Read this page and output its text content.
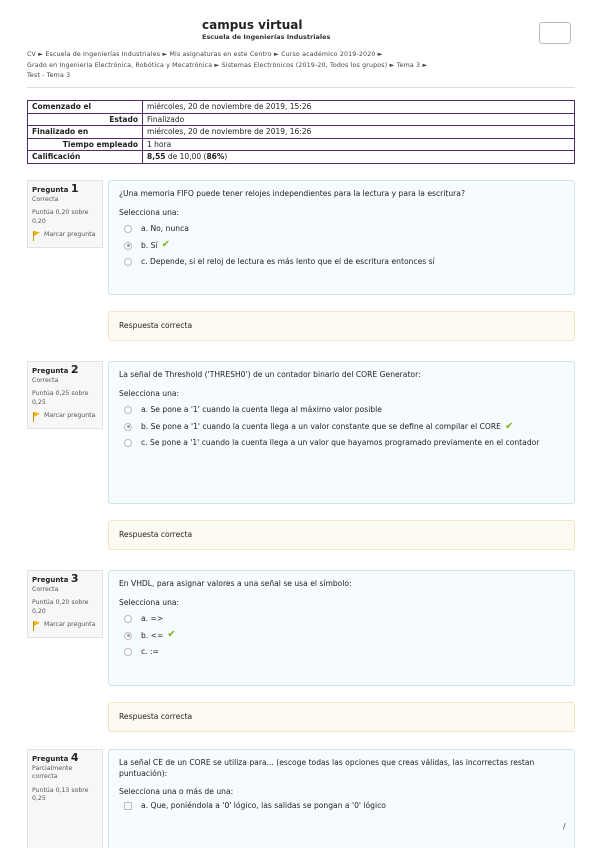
campus virtual
Escuela de Ingenierías Industriales
CV ► Escuela de Ingenierías Industriales ► Mis asignaturas en este Centro ► Curso académico 2019-2020 ►
Grado en Ingeniería Electrónica, Robótica y Mecatrónica ► Sistemas Electrónicos (2019-20, Todos los grupos) ► Tema 3 ►
Test - Tema 3
Comenzado el	miércoles, 20 de noviembre de 2019, 15:26
Estado	Finalizado
Finalizado en	miércoles, 20 de noviembre de 2019, 16:26
Tiempo empleado	1 hora
Calificación	8,55 de 10,00 (86%)
Pregunta 1
Correcta
Puntúa 0,20 sobre 0,20
Marcar pregunta
¿Una memoria FIFO puede tener relojes independientes para la lectura y para la escritura?
Selecciona una:
a. No, nunca
b. Sí ✔
c. Depende, si el reloj de lectura es más lento que el de escritura entonces sí
Respuesta correcta
Pregunta 2
Correcta
Puntúa 0,25 sobre 0,25
Marcar pregunta
La señal de Threshold ('THRESH0') de un contador binario del CORE Generator:
Selecciona una:
a. Se pone a '1' cuando la cuenta llega al máximo valor posible
b. Se pone a '1' cuando la cuenta llega a un valor constante que se define al compilar el CORE ✔
c. Se pone a '1' cuando la cuenta llega a un valor que hayamos programado previamente en el contador
Respuesta correcta
Pregunta 3
Correcta
Puntúa 0,20 sobre 0,20
Marcar pregunta
En VHDL, para asignar valores a una señal se usa el símbolo:
Selecciona una:
a. =>
b. <= ✔
c. :=
Respuesta correcta
Pregunta 4
Parcialmente correcta
Puntúa 0,13 sobre 0,25
La señal CE de un CORE se utiliza para... (escoge todas las opciones que creas válidas, las incorrectas restan puntuación):
Selecciona una o más de una:
a. Que, poniéndola a '0' lógico, las salidas se pongan a '0' lógico
/
